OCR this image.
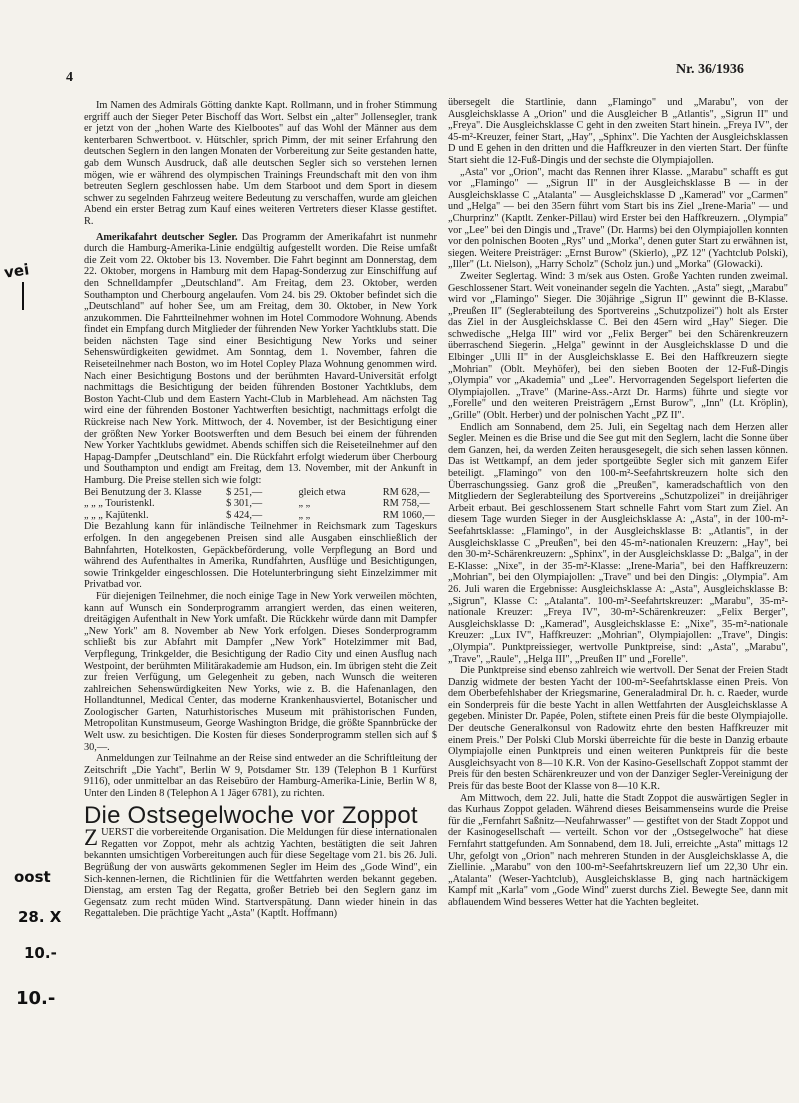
4
Nr. 36/1936
vei
oost
28. X
10.-
10.-

Im Namen des Admirals Götting dankte Kapt. Rollmann, und in froher Stimmung ergriff auch der Sieger Peter Bischoff das Wort. Selbst ein „alter" Jollensegler, trank er jetzt von der „hohen Warte des Kielbootes" auf das Wohl der Männer aus dem kenterbaren Schwertboot. v. Hütschler, sprich Pimm, der mit seiner Erfahrung den deutschen Seglern in den langen Monaten der Vorbereitung zur Seite gestanden hatte, gab dem Wunsch Ausdruck, daß alle deutschen Segler sich so verstehen lernen mögen, wie er während des olympischen Trainings Freundschaft mit den von ihm betreuten Seglern geschlossen habe. Um dem Starboot und dem Sport in diesem schwer zu segelnden Fahrzeug weitere Bedeutung zu verschaffen, wurde am gleichen Abend ein erster Betrag zum Kauf eines weiteren Vertreters dieser Klasse gestiftet. R.

Amerikafahrt deutscher Segler. Das Programm der Amerikafahrt ist nunmehr durch die Hamburg-Amerika-Linie endgültig aufgestellt worden. Die Reise umfaßt die Zeit vom 22. Oktober bis 13. November. Die Fahrt beginnt am Donnerstag, dem 22. Oktober, morgens in Hamburg mit dem Hapag-Sonderzug zur Einschiffung auf den Schnelldampfer „Deutschland". Am Freitag, dem 23. Oktober, werden Southampton und Cherbourg angelaufen. Vom 24. bis 29. Oktober befindet sich die „Deutschland" auf hoher See, um am Freitag, dem 30. Oktober, in New York anzukommen. Die Fahrtteilnehmer wohnen im Hotel Commodore Wohnung. Abends findet ein Empfang durch Mitglieder der führenden New Yorker Yachtklubs statt. Die beiden nächsten Tage sind einer Besichtigung New Yorks und seiner Sehenswürdigkeiten gewidmet. Am Sonntag, dem 1. November, fahren die Reiseteilnehmer nach Boston, wo im Hotel Copley Plaza Wohnung genommen wird. Nach einer Besichtigung Bostons und der berühmten Havard-Universität erfolgt nachmittags die Besichtigung der beiden führenden Bostoner Yachtklubs, dem Boston Yacht-Club und dem Eastern Yacht-Club in Marblehead. Am nächsten Tag wird eine der führenden Bostoner Yachtwerften besichtigt, nachmittags erfolgt die Rückreise nach New York. Mittwoch, der 4. November, ist der Besichtigung einer der größten New Yorker Bootswerften und dem Besuch bei einem der führenden New Yorker Yachtklubs gewidmet. Abends schiffen sich die Reiseteilnehmer auf den Hapag-Dampfer „Deutschland" ein. Die Rückfahrt erfolgt wiederum über Cherbourg und Southampton und endigt am Freitag, dem 13. November, mit der Ankunft in Hamburg. Die Preise stellen sich wie folgt:

Bei Benutzung der 3. Klasse	$ 251,—	gleich etwa	RM 628,—
„ „ „ Touristenkl.	$ 301,—	„ „	RM 758,—
„ „ „ Kajütenkl.	$ 424,—	„ „	RM 1060,—

Die Bezahlung kann für inländische Teilnehmer in Reichsmark zum Tageskurs erfolgen. In den angegebenen Preisen sind alle Ausgaben einschließlich der Bahnfahrten, Hotelkosten, Gepäckbeförderung, volle Verpflegung an Bord und während des Aufenthaltes in Amerika, Rundfahrten, Ausflüge und Besichtigungen, sowie Trinkgelder eingeschlossen. Die Hotelunterbringung sieht Einzelzimmer mit Privatbad vor.

Für diejenigen Teilnehmer, die noch einige Tage in New York verweilen möchten, kann auf Wunsch ein Sonderprogramm arrangiert werden, das einen weiteren, dreitägigen Aufenthalt in New York umfaßt. Die Rückkehr würde dann mit Dampfer „New York" am 8. November ab New York erfolgen. Dieses Sonderprogramm schließt bis zur Abfahrt mit Dampfer „New York" Hotelzimmer mit Bad, Verpflegung, Trinkgelder, die Besichtigung der Radio City und einen Ausflug nach Westpoint, der berühmten Militärakademie am Hudson, ein. Im übrigen steht die Zeit zur freien Verfügung, um Gelegenheit zu geben, nach Wunsch die weiteren zahlreichen Sehenswürdigkeiten New Yorks, wie z. B. die Hafenanlagen, den Hollandtunnel, Medical Center, das moderne Krankenhausviertel, Botanischer und Zoologischer Garten, Naturhistorisches Museum mit prähistorischen Funden, Metropolitan Kunstmuseum, George Washington Bridge, die größte Spannbrücke der Welt usw. zu besichtigen. Die Kosten für dieses Sonderprogramm stellen sich auf $ 30,—.

Anmeldungen zur Teilnahme an der Reise sind entweder an die Schriftleitung der Zeitschrift „Die Yacht", Berlin W 9, Potsdamer Str. 139 (Telephon B 1 Kurfürst 9116), oder unmittelbar an das Reisebüro der Hamburg-Amerika-Linie, Berlin W 8, Unter den Linden 8 (Telephon A 1 Jäger 6781), zu richten.

Die Ostsegelwoche vor Zoppot

ZUERST die vorbereitende Organisation. Die Meldungen für diese internationalen Regatten vor Zoppot, mehr als achtzig Yachten, bestätigten die seit Jahren bekannten umsichtigen Vorbereitungen auch für diese Segeltage vom 21. bis 26. Juli. Begrüßung der von auswärts gekommenen Segler im Heim des „Gode Wind", ein Sich-kennen-lernen, die Richtlinien für die Wettfahrten werden bekannt gegeben. Dienstag, am ersten Tag der Regatta, großer Betrieb bei den Seglern ganz im Gegensatz zum recht müden Wind. Startverspätung. Dann wieder hinein in das Regattaleben. Die prächtige Yacht „Asta" (Kaptlt. Hoffmann)

übersegelt die Startlinie, dann „Flamingo" und „Marabu", von der Ausgleichsklasse A „Orion" und die Ausgleicher B „Atlantis", „Sigrun II" und „Freya". Die Ausgleichsklasse C geht in den zweiten Start hinein. „Freya IV", der 45-m²-Kreuzer, feiner Start, „Hay", „Sphinx". Die Yachten der Ausgleichsklassen D und E gehen in den dritten und die Haffkreuzer in den vierten Start. Der fünfte Start sieht die 12-Fuß-Dingis und der sechste die Olympiajollen.

„Asta" vor „Orion", macht das Rennen ihrer Klasse. „Marabu" schafft es gut vor „Flamingo" — „Sigrun II" in der Ausgleichsklasse B — in der Ausgleichsklasse C „Atalanta" — Ausgleichsklasse D „Kamerad" vor „Carmen" und „Helga" — bei den 35ern führt vom Start bis ins Ziel „Irene-Maria" — und „Churprinz" (Kaptlt. Zenker-Pillau) wird Erster bei den Haffkreuzern. „Olympia" vor „Lee" bei den Dingis und „Trave" (Dr. Harms) bei den Olympiajollen konnten vor den polnischen Booten „Rys" und „Morka", denen guter Start zu erwähnen ist, siegen. Weitere Preisträger: „Ernst Burow" (Skierlo), „PZ 12" (Yachtclub Polski), „Iller" (Lt. Nielson), „Harry Scholz" (Scholz jun.) und „Morka" (Glowacki).

Zweiter Seglertag. Wind: 3 m/sek aus Osten. Große Yachten runden zweimal. Geschlossener Start. Weit voneinander segeln die Yachten. „Asta" siegt, „Marabu" wird vor „Flamingo" Sieger. Die 30jährige „Sigrun II" gewinnt die B-Klasse. „Preußen II" (Seglerabteilung des Sportvereins „Schutzpolizei") holt als Erster das Ziel in der Ausgleichsklasse C. Bei den 45ern wird „Hay" Sieger. Die schwedische „Helga III" wird vor „Felix Berger" bei den Schärenkreuzern überraschend Siegerin. „Helga" gewinnt in der Ausgleichsklasse D und die Elbinger „Ulli II" in der Ausgleichsklasse E. Bei den Haffkreuzern siegte „Mohrian" (Oblt. Meyhöfer), bei den sieben Booten der 12-Fuß-Dingis „Olympia" vor „Akademia" und „Lee". Hervorragenden Segelsport lieferten die Olympiajollen. „Trave" (Marine-Ass.-Arzt Dr. Harms) führte und siegte vor „Forelle" und den weiteren Preisträgern „Ernst Burow", „Inn" (Lt. Kröplin), „Grille" (Oblt. Herber) und der polnischen Yacht „PZ II".

Endlich am Sonnabend, dem 25. Juli, ein Segeltag nach dem Herzen aller Segler. Meinen es die Brise und die See gut mit den Seglern, lacht die Sonne über dem Ganzen, hei, da werden Zeiten herausgesegelt, die sich sehen lassen können. Das ist Wettkampf, an dem jeder sportgeübte Segler sich mit ganzem Eifer beteiligt. „Flamingo" von den 100-m²-Seefahrtskreuzern holte sich den Überraschungssieg. Ganz groß die „Preußen", kameradschaftlich von den Mitgliedern der Seglerabteilung des Sportvereins „Schutzpolizei" in dreijähriger Arbeit erbaut. Bei geschlossenem Start schnelle Fahrt vom Start zum Ziel. An diesem Tage wurden Sieger in der Ausgleichsklasse A: „Asta", in der 100-m²-Seefahrtsklasse: „Flamingo", in der Ausgleichsklasse B: „Atlantis", in der Ausgleichsklasse C „Preußen", bei den 45-m²-nationalen Kreuzern: „Hay", bei den 30-m²-Schärenkreuzern: „Sphinx", in der Ausgleichsklasse D: „Balga", in der E-Klasse: „Nixe", in der 35-m²-Klasse: „Irene-Maria", bei den Haffkreuzern: „Mohrian", bei den Olympiajollen: „Trave" und bei den Dingis: „Olympia". Am 26. Juli waren die Ergebnisse: Ausgleichsklasse A: „Asta", Ausgleichsklasse B: „Sigrun", Klasse C: „Atalanta". 100-m²-Seefahrtskreuzer: „Marabu", 35-m²-nationale Kreuzer: „Freya IV", 30-m²-Schärenkreuzer: „Felix Berger", Ausgleichsklasse D: „Kamerad", Ausgleichsklasse E: „Nixe", 35-m²-nationale Kreuzer: „Lux IV", Haffkreuzer: „Mohrian", Olympiajollen: „Trave", Dingis: „Olympia". Punktpreissieger, wertvolle Punktpreise, sind: „Asta", „Marabu", „Trave", „Raule", „Helga III", „Preußen II" und „Forelle".

Die Punktpreise sind ebenso zahlreich wie wertvoll. Der Senat der Freien Stadt Danzig widmete der besten Yacht der 100-m²-Seefahrtsklasse einen Preis. Von dem Oberbefehlshaber der Kriegsmarine, Generaladmiral Dr. h. c. Raeder, wurde ein Sonderpreis für die beste Yacht in allen Wettfahrten der Ausgleichsklasse A gegeben. Minister Dr. Papée, Polen, stiftete einen Preis für die beste Olympiajolle. Der deutsche Generalkonsul von Radowitz ehrte den besten Haffkreuzer mit einem Preis." Der Polski Club Morski überreichte für die beste in Danzig erbaute Olympiajolle einen Punktpreis und einen weiteren Punktpreis für die beste Ausgleichsyacht von 8—10 K.R. Von der Kasino-Gesellschaft Zoppot stammt der Preis für den besten Schärenkreuzer und von der Danziger Segler-Vereinigung der Preis für das beste Boot der Klasse von 8—10 K.R.

Am Mittwoch, dem 22. Juli, hatte die Stadt Zoppot die auswärtigen Segler in das Kurhaus Zoppot geladen. Während dieses Beisammenseins wurde die Preise für die „Fernfahrt Saßnitz—Neufahrwasser" — gestiftet von der Stadt Zoppot und der Kasinogesellschaft — verteilt. Schon vor der „Ostsegelwoche" hat diese Fernfahrt stattgefunden. Am Sonnabend, dem 18. Juli, erreichte „Asta" mittags 12 Uhr, gefolgt von „Orion" nach mehreren Stunden in der Ausgleichsklasse A, die Ziellinie. „Marabu" von den 100-m²-Seefahrtskreuzern lief um 22,30 Uhr ein. „Atalanta" (Weser-Yachtclub), Ausgleichsklasse B, ging nach hartnäckigem Kampf mit „Karla" vom „Gode Wind" zuerst durchs Ziel. Bewegte See, dann mit abflauendem Wind besseres Wetter hat die Yachten begleitet.
